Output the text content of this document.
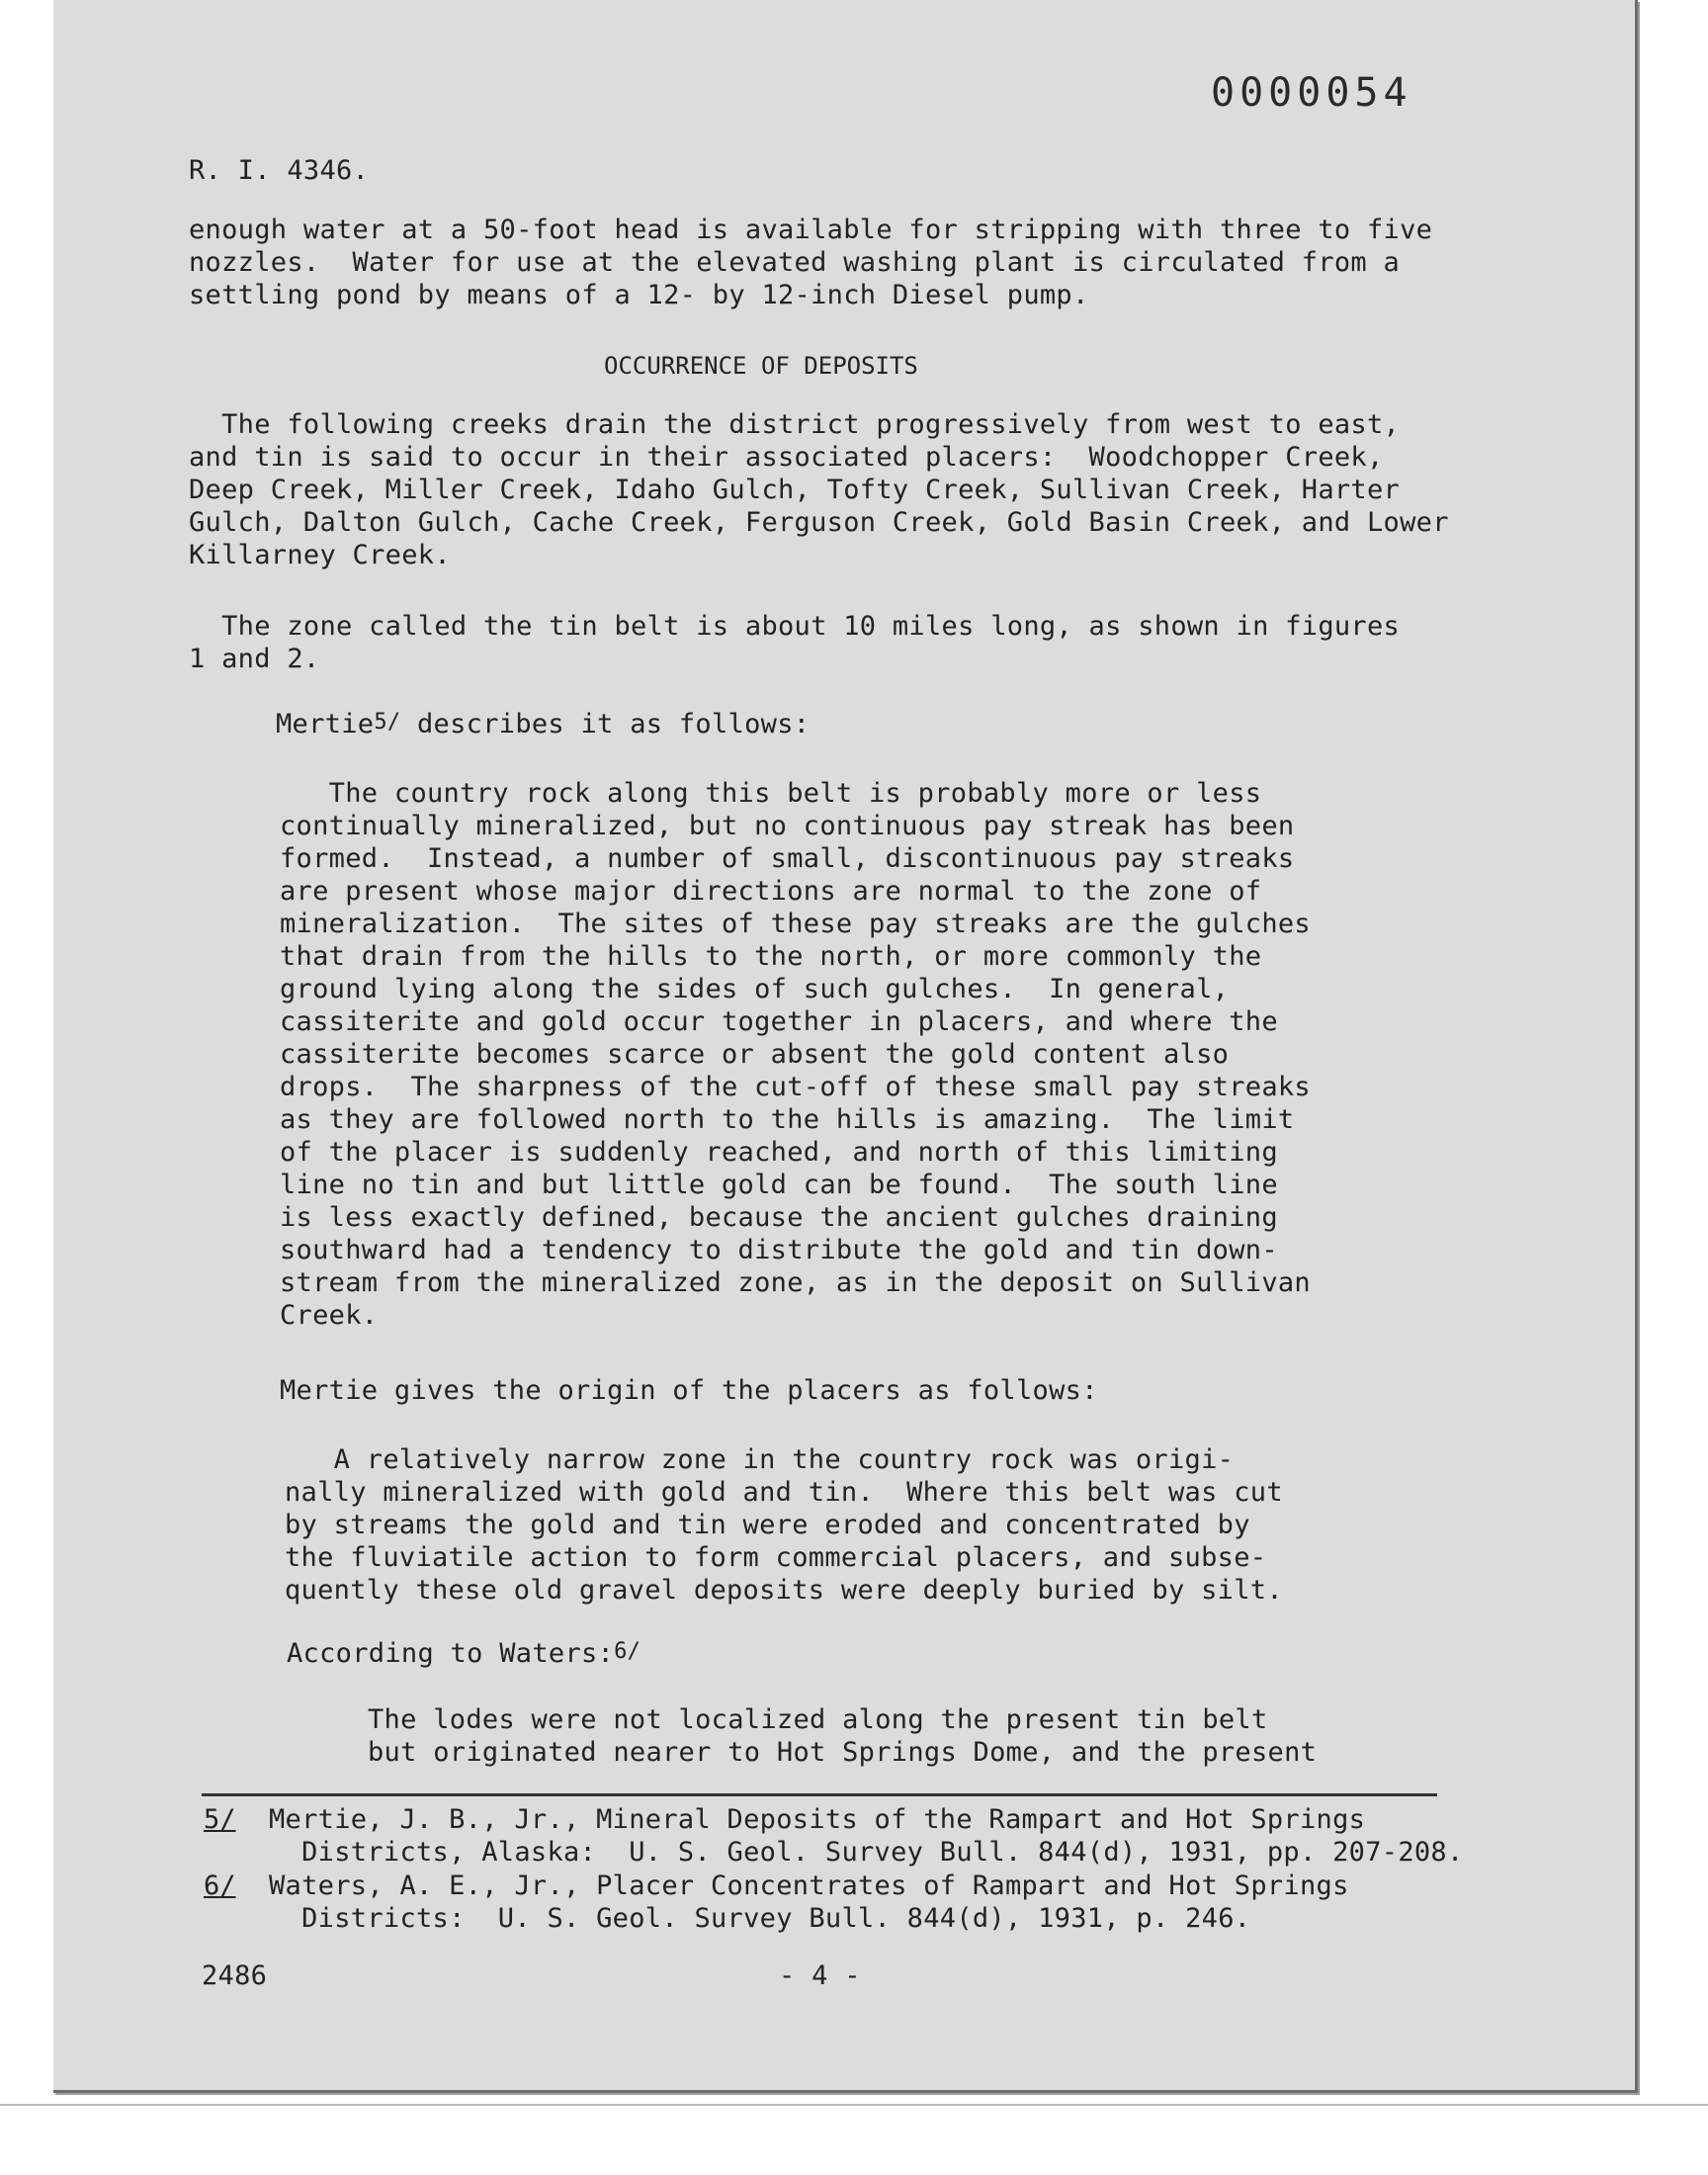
0000054
R. I. 4346.
enough water at a 50-foot head is available for stripping with three to five
nozzles.  Water for use at the elevated washing plant is circulated from a
settling pond by means of a 12- by 12-inch Diesel pump.
OCCURRENCE OF DEPOSITS
The following creeks drain the district progressively from west to east,
and tin is said to occur in their associated placers:  Woodchopper Creek,
Deep Creek, Miller Creek, Idaho Gulch, Tofty Creek, Sullivan Creek, Harter
Gulch, Dalton Gulch, Cache Creek, Ferguson Creek, Gold Basin Creek, and Lower
Killarney Creek.
The zone called the tin belt is about 10 miles long, as shown in figures
1 and 2.
Mertie$^{5/}$ describes it as follows:
The country rock along this belt is probably more or less
continually mineralized, but no continuous pay streak has been
formed.  Instead, a number of small, discontinuous pay streaks
are present whose major directions are normal to the zone of
mineralization.  The sites of these pay streaks are the gulches
that drain from the hills to the north, or more commonly the
ground lying along the sides of such gulches.  In general,
cassiterite and gold occur together in placers, and where the
cassiterite becomes scarce or absent the gold content also
drops.  The sharpness of the cut-off of these small pay streaks
as they are followed north to the hills is amazing.  The limit
of the placer is suddenly reached, and north of this limiting
line no tin and but little gold can be found.  The south line
is less exactly defined, because the ancient gulches draining
southward had a tendency to distribute the gold and tin down-
stream from the mineralized zone, as in the deposit on Sullivan
Creek.
Mertie gives the origin of the placers as follows:
A relatively narrow zone in the country rock was origi-
nally mineralized with gold and tin.  Where this belt was cut
by streams the gold and tin were eroded and concentrated by
the fluviatile action to form commercial placers, and subse-
quently these old gravel deposits were deeply buried by silt.
According to Waters:$^{6/}$
The lodes were not localized along the present tin belt
but originated nearer to Hot Springs Dome, and the present
5/ Mertie, J. B., Jr., Mineral Deposits of the Rampart and Hot Springs
Districts, Alaska:  U. S. Geol. Survey Bull. 844(d), 1931, pp. 207-208.
6/ Waters, A. E., Jr., Placer Concentrates of Rampart and Hot Springs
Districts:  U. S. Geol. Survey Bull. 844(d), 1931, p. 246.
2486	- 4 -
